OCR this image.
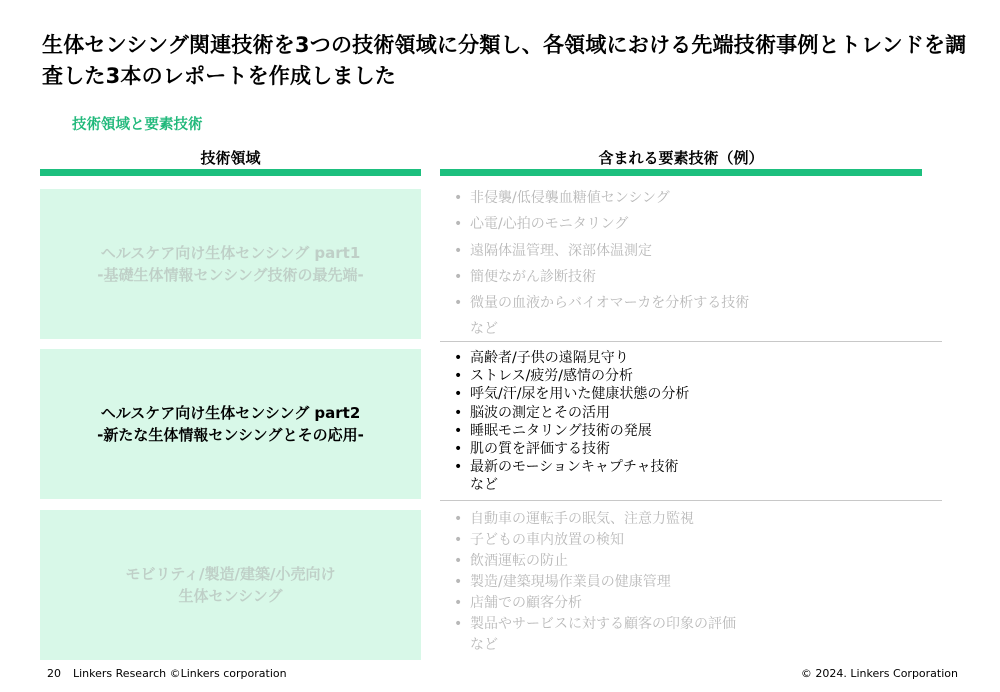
生体センシング関連技術を3つの技術領域に分類し、各領域における先端技術事例とトレンドを調査した3本のレポートを作成しました
技術領域と要素技術
技術領域	含まれる要素技術（例）
ヘルスケア向け生体センシング part1
-基礎生体情報センシング技術の最先端-
• 非侵襲/低侵襲血糖値センシング
• 心電/心拍のモニタリング
• 遠隔体温管理、深部体温測定
• 簡便ながん診断技術
• 微量の血液からバイオマーカを分析する技術
など
ヘルスケア向け生体センシング part2
-新たな生体情報センシングとその応用-
• 高齢者/子供の遠隔見守り
• ストレス/疲労/感情の分析
• 呼気/汗/尿を用いた健康状態の分析
• 脳波の測定とその活用
• 睡眠モニタリング技術の発展
• 肌の質を評価する技術
• 最新のモーションキャプチャ技術
など
モビリティ/製造/建築/小売向け
生体センシング
• 自動車の運転手の眠気、注意力監視
• 子どもの車内放置の検知
• 飲酒運転の防止
• 製造/建築現場作業員の健康管理
• 店舗での顧客分析
• 製品やサービスに対する顧客の印象の評価
など
20 Linkers Research ©Linkers corporation	© 2024. Linkers Corporation
